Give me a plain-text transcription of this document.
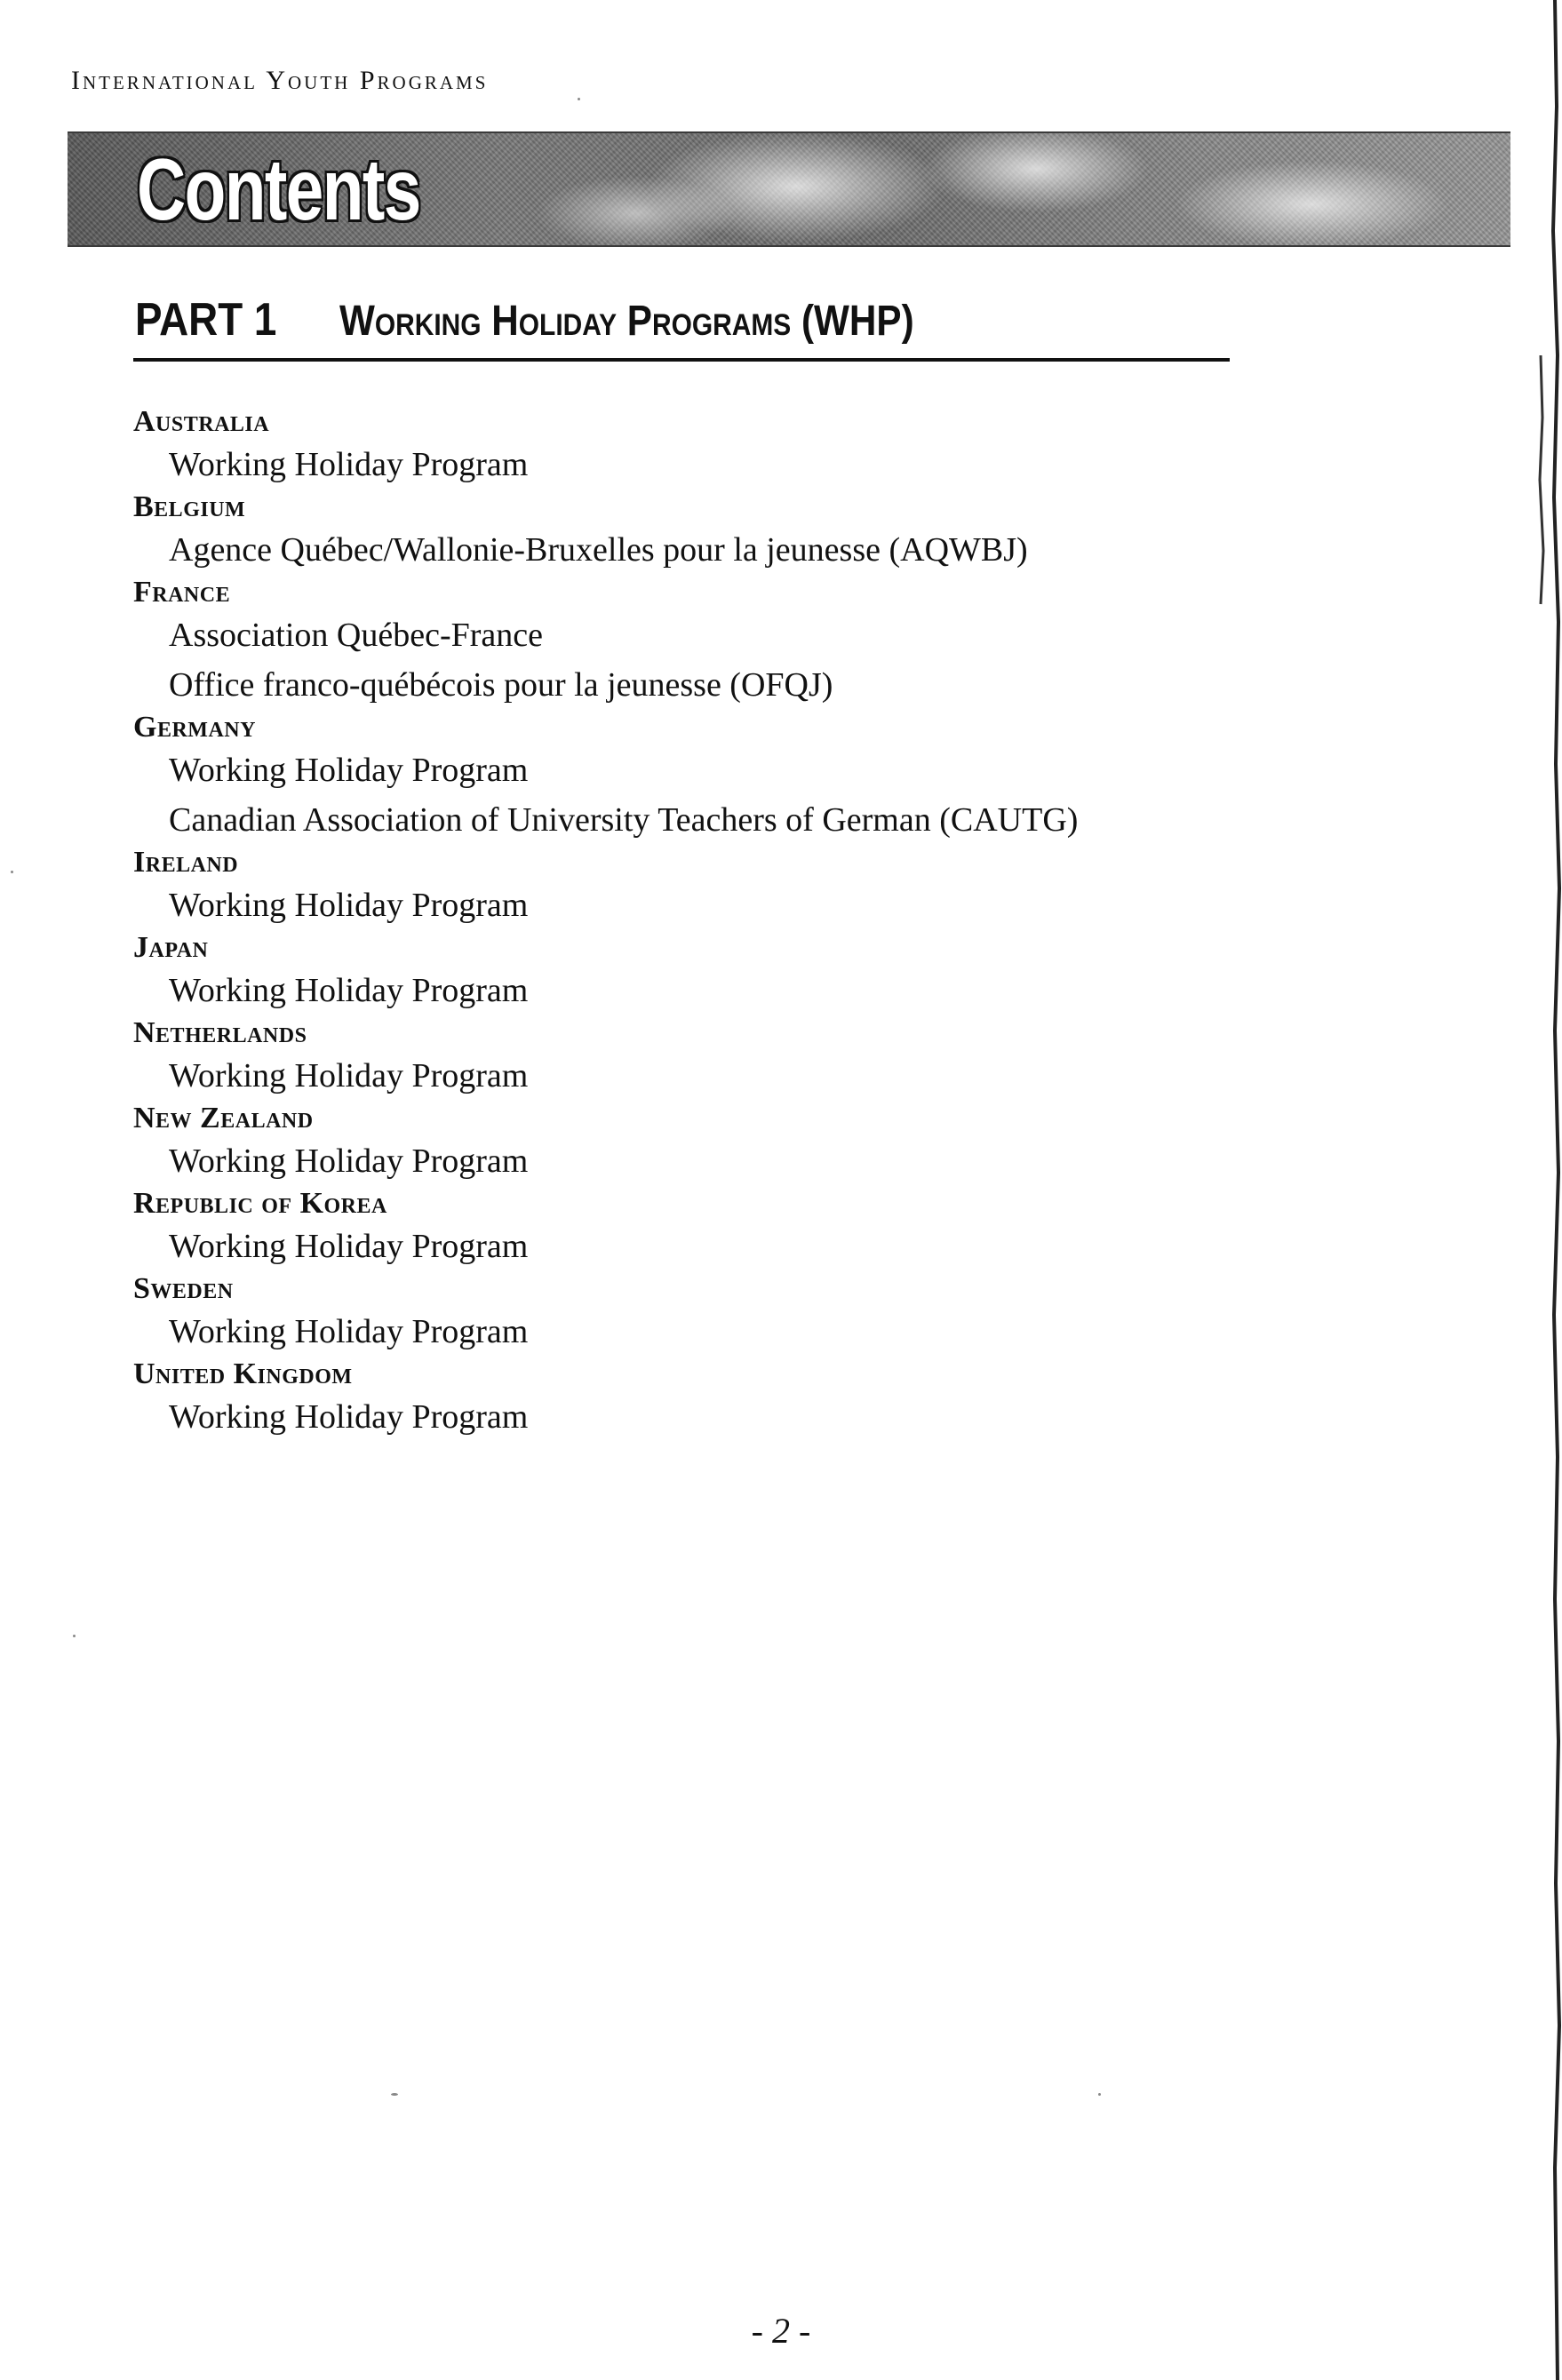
International Youth Programs
Contents
PART 1	Working Holiday Programs (WHP)
Australia
Working Holiday Program
Belgium
Agence Québec/Wallonie-Bruxelles pour la jeunesse (AQWBJ)
France
Association Québec-France
Office franco-québécois pour la jeunesse (OFQJ)
Germany
Working Holiday Program
Canadian Association of University Teachers of German (CAUTG)
Ireland
Working Holiday Program
Japan
Working Holiday Program
Netherlands
Working Holiday Program
New Zealand
Working Holiday Program
Republic of Korea
Working Holiday Program
Sweden
Working Holiday Program
United Kingdom
Working Holiday Program
- 2 -
